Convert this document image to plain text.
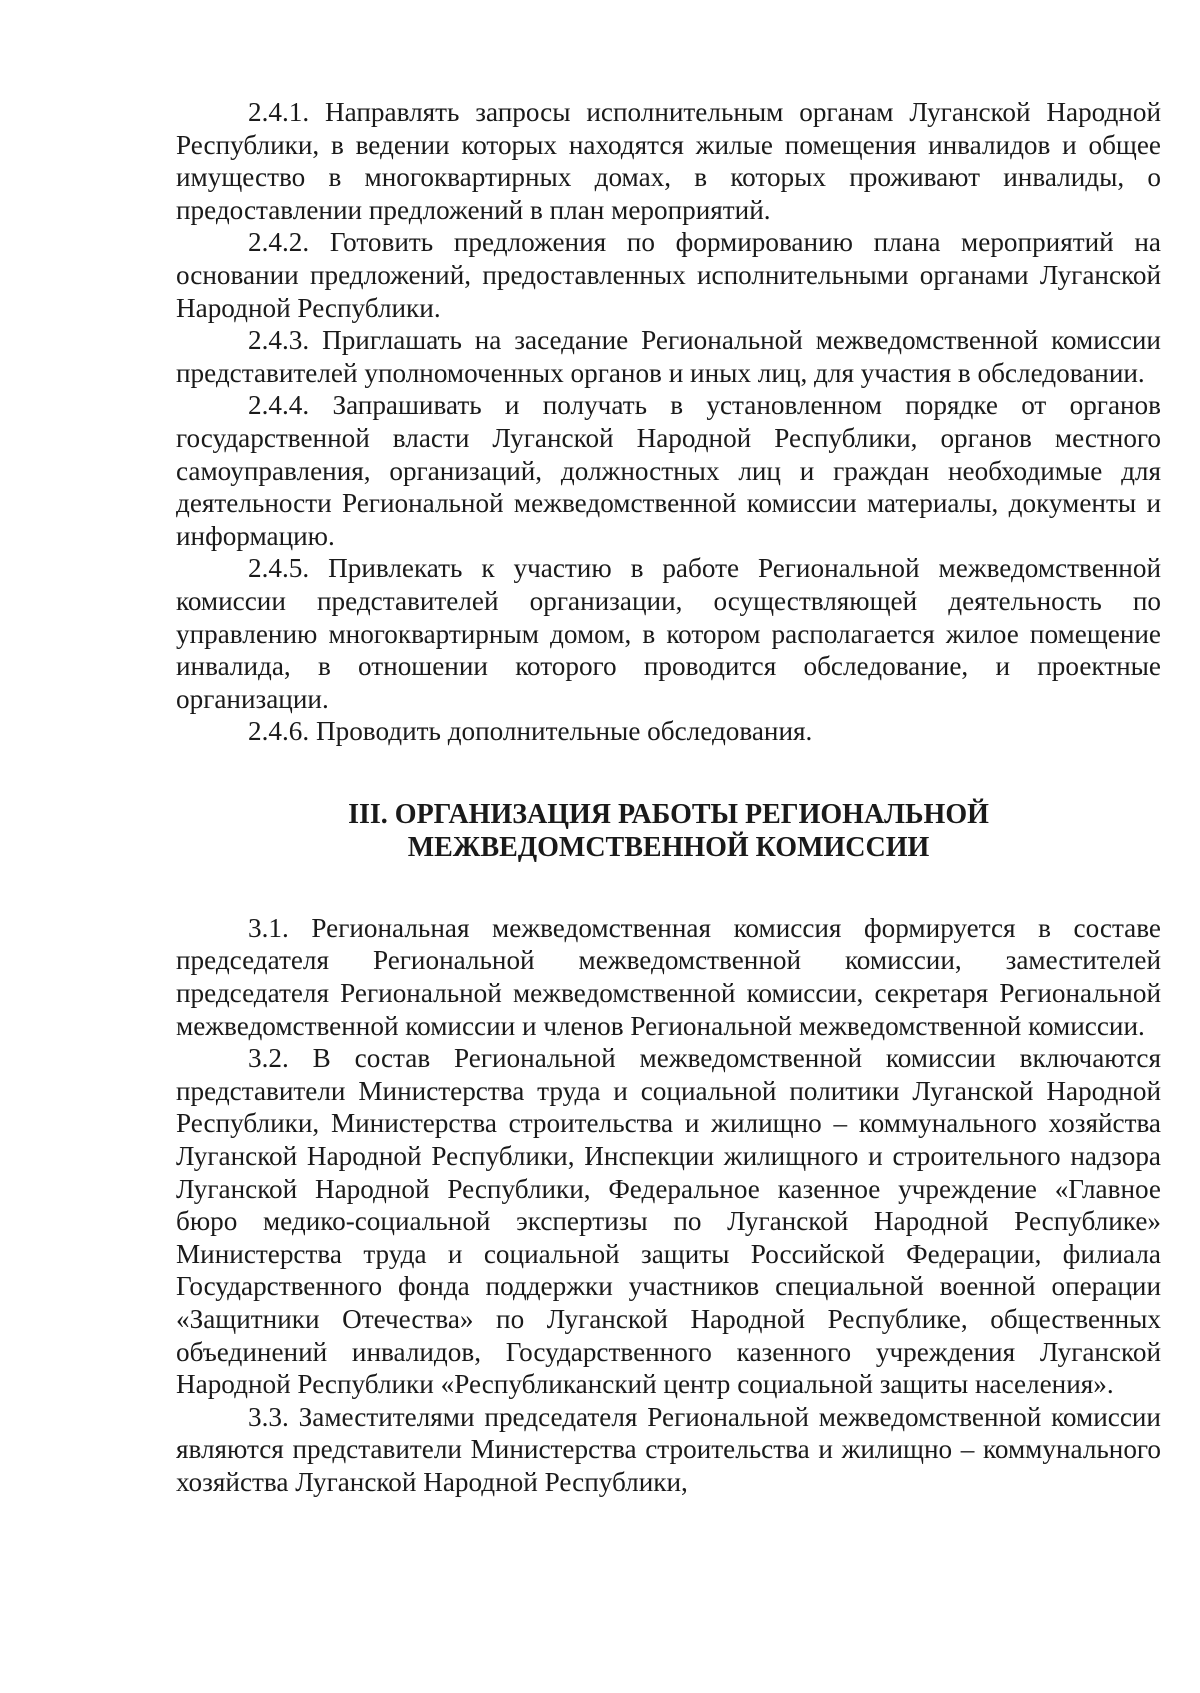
2.4.1. Направлять запросы исполнительным органам Луганской Народной Республики, в ведении которых находятся жилые помещения инвалидов и общее имущество в многоквартирных домах, в которых проживают инвалиды, о предоставлении предложений в план мероприятий.

2.4.2. Готовить предложения по формированию плана мероприятий на основании предложений, предоставленных исполнительными органами Луганской Народной Республики.

2.4.3. Приглашать на заседание Региональной межведомственной комиссии представителей уполномоченных органов и иных лиц, для участия в обследовании.

2.4.4. Запрашивать и получать в установленном порядке от органов государственной власти Луганской Народной Республики, органов местного самоуправления, организаций, должностных лиц и граждан необходимые для деятельности Региональной межведомственной комиссии материалы, документы и информацию.

2.4.5. Привлекать к участию в работе Региональной межведомственной комиссии представителей организации, осуществляющей деятельность по управлению многоквартирным домом, в котором располагается жилое помещение инвалида, в отношении которого проводится обследование, и проектные организации.

2.4.6. Проводить дополнительные обследования.

III. ОРГАНИЗАЦИЯ РАБОТЫ РЕГИОНАЛЬНОЙ
МЕЖВЕДОМСТВЕННОЙ КОМИССИИ

3.1. Региональная межведомственная комиссия формируется в составе председателя Региональной межведомственной комиссии, заместителей председателя Региональной межведомственной комиссии, секретаря Региональной межведомственной комиссии и членов Региональной межведомственной комиссии.

3.2. В состав Региональной межведомственной комиссии включаются представители Министерства труда и социальной политики Луганской Народной Республики, Министерства строительства и жилищно – коммунального хозяйства Луганской Народной Республики, Инспекции жилищного и строительного надзора Луганской Народной Республики, Федеральное казенное учреждение «Главное бюро медико-социальной экспертизы по Луганской Народной Республике» Министерства труда и социальной защиты Российской Федерации, филиала Государственного фонда поддержки участников специальной военной операции «Защитники Отечества» по Луганской Народной Республике, общественных объединений инвалидов, Государственного казенного учреждения Луганской Народной Республики «Республиканский центр социальной защиты населения».

3.3. Заместителями председателя Региональной межведомственной комиссии являются представители Министерства строительства и жилищно – коммунального хозяйства Луганской Народной Республики,
